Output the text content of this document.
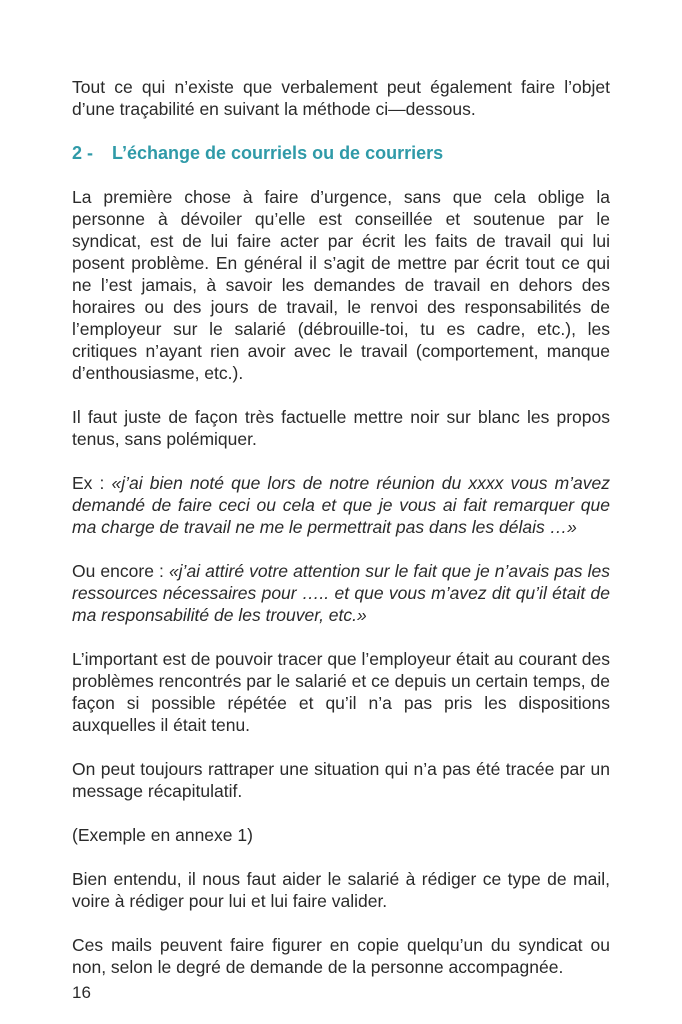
Tout ce qui n’existe que verbalement peut également faire l’objet d’une traçabilité en suivant la méthode ci—dessous.

2 - L’échange de courriels ou de courriers

La première chose à faire d’urgence, sans que cela oblige la personne à dévoiler qu’elle est conseillée et soutenue par le syndicat, est de lui faire acter par écrit les faits de travail qui lui posent problème. En général il s’agit de mettre par écrit tout ce qui ne l’est jamais, à savoir les demandes de travail en dehors des horaires ou des jours de travail, le renvoi des responsabilités de l’employeur sur le salarié (débrouille-toi, tu es cadre, etc.), les critiques n’ayant rien avoir avec le travail (comportement, manque d’enthousiasme, etc.).

Il faut juste de façon très factuelle mettre noir sur blanc les propos tenus, sans polémiquer.

Ex : «j’ai bien noté que lors de notre réunion du xxxx vous m’avez demandé de faire ceci ou cela et que je vous ai fait remarquer que ma charge de travail ne me le permettrait pas dans les délais …»

Ou encore : «j’ai attiré votre attention sur le fait que je n’avais pas les ressources nécessaires pour ….. et que vous m’avez dit qu’il était de ma responsabilité de les trouver, etc.»

L’important est de pouvoir tracer que l’employeur était au courant des problèmes rencontrés par le salarié et ce depuis un certain temps, de façon si possible répétée et qu’il n’a pas pris les dispositions auxquelles il était tenu.

On peut toujours rattraper une situation qui n’a pas été tracée par un message récapitulatif.

(Exemple en annexe 1)

Bien entendu, il nous faut aider le salarié à rédiger ce type de mail, voire à rédiger pour lui et lui faire valider.

Ces mails peuvent faire figurer en copie quelqu’un du syndicat ou non, selon le degré de demande de la personne accompagnée.

16
